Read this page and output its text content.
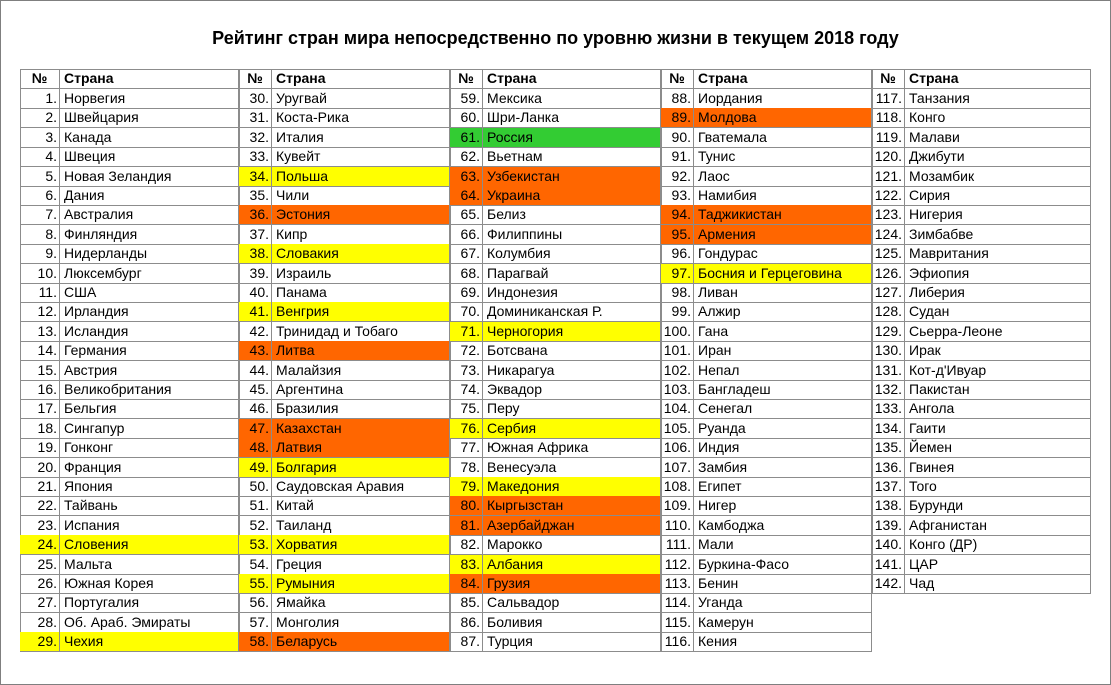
Рейтинг стран мира непосредственно по уровню жизни в текущем 2018 году
№	Страна
1. Норвегия
2. Швейцария
3. Канада
4. Швеция
5. Новая Зеландия
6. Дания
7. Австралия
8. Финляндия
9. Нидерланды
10. Люксембург
11. США
12. Ирландия
13. Исландия
14. Германия
15. Австрия
16. Великобритания
17. Бельгия
18. Сингапур
19. Гонконг
20. Франция
21. Япония
22. Тайвань
23. Испания
24. Словения
25. Мальта
26. Южная Корея
27. Португалия
28. Об. Араб. Эмираты
29. Чехия
№ Страна
30. Уругвай
31. Коста-Рика
32. Италия
33. Кувейт
34. Польша
35. Чили
36. Эстония
37. Кипр
38. Словакия
39. Израиль
40. Панама
41. Венгрия
42. Тринидад и Тобаго
43. Литва
44. Малайзия
45. Аргентина
46. Бразилия
47. Казахстан
48. Латвия
49. Болгария
50. Саудовская Аравия
51. Китай
52. Таиланд
53. Хорватия
54. Греция
55. Румыния
56. Ямайка
57. Монголия
58. Беларусь
№ Страна
59. Мексика
60. Шри-Ланка
61. Россия
62. Вьетнам
63. Узбекистан
64. Украина
65. Белиз
66. Филиппины
67. Колумбия
68. Парагвай
69. Индонезия
70. Доминиканская Р.
71. Черногория
72. Ботсвана
73. Никарагуа
74. Эквадор
75. Перу
76. Сербия
77. Южная Африка
78. Венесуэла
79. Македония
80. Кыргызстан
81. Азербайджан
82. Марокко
83. Албания
84. Грузия
85. Сальвадор
86. Боливия
87. Турция
№ Страна
88. Иордания
89. Молдова
90. Гватемала
91. Тунис
92. Лаос
93. Намибия
94. Таджикистан
95. Армения
96. Гондурас
97. Босния и Герцеговина
98. Ливан
99. Алжир
100. Гана
101. Иран
102. Непал
103. Бангладеш
104. Сенегал
105. Руанда
106. Индия
107. Замбия
108. Египет
109. Нигер
110. Камбоджа
111. Мали
112. Буркина-Фасо
113. Бенин
114. Уганда
115. Камерун
116. Кения
№ Страна
117. Танзания
118. Конго
119. Малави
120. Джибути
121. Мозамбик
122. Сирия
123. Нигерия
124. Зимбабве
125. Мавритания
126. Эфиопия
127. Либерия
128. Судан
129. Сьерра-Леоне
130. Ирак
131. Кот-д'Ивуар
132. Пакистан
133. Ангола
134. Гаити
135. Йемен
136. Гвинея
137. Того
138. Бурунди
139. Афганистан
140. Конго (ДР)
141. ЦАР
142. Чад
